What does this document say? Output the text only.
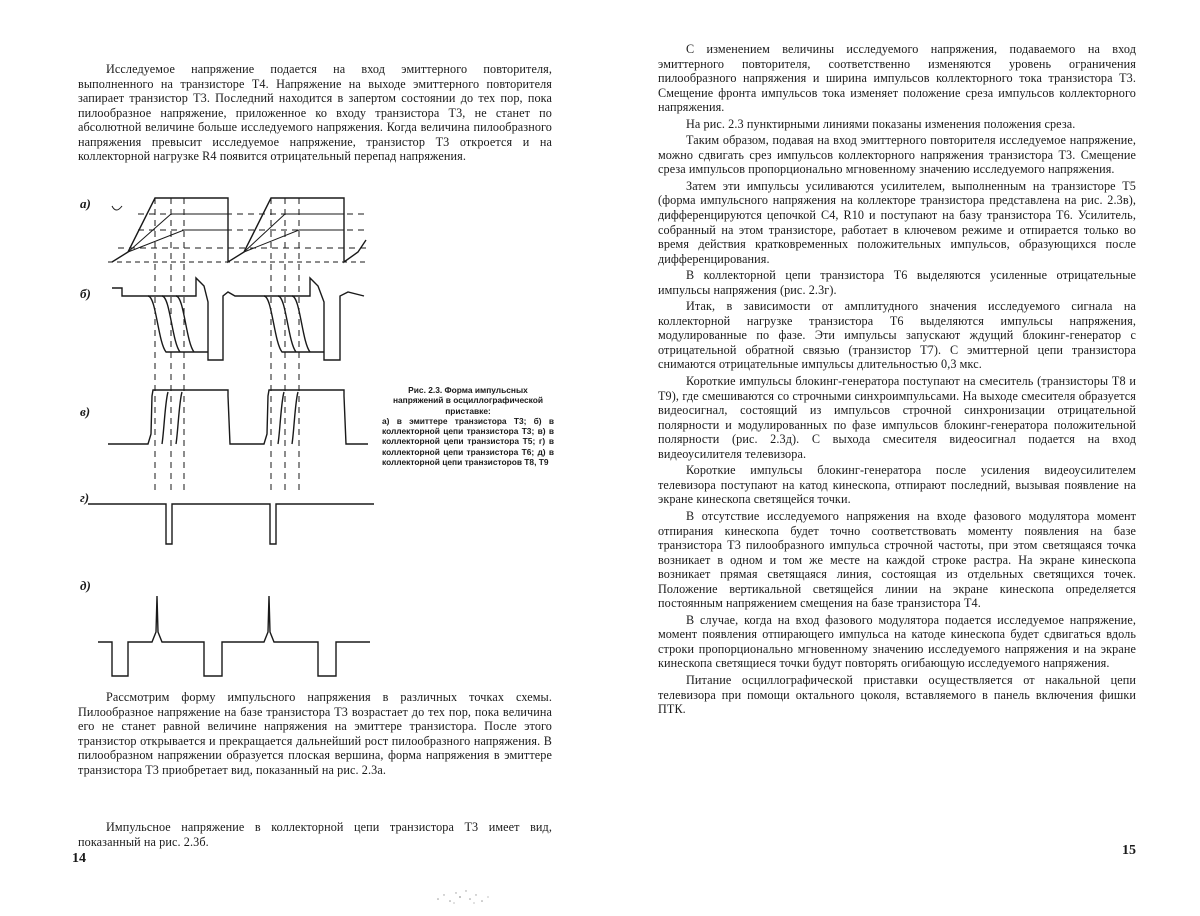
Исследуемое напряжение подается на вход эмиттерного повторителя, выполненного на транзисторе T4. Напряжение на выходе эмиттерного повторителя запирает транзистор T3. Последний находится в запертом состоянии до тех пор, пока пилообразное напряжение, приложенное ко входу транзистора T3, не станет по абсолютной величине больше исследуемого напряжения. Когда величина пилообразного напряжения превысит исследуемое напряжение, транзистор T3 откроется и на коллекторной нагрузке R4 появится отрицательный перепад напряжения.

а)
б)
в)
г)
д)
Рис. 2.3. Форма импульсных напряжений в осциллографической приставке:
а) в эмиттере транзистора T3; б) в коллекторной цепи транзистора T3; в) в коллекторной цепи транзистора T5; г) в коллекторной цепи транзистора T6; д) в коллекторной цепи транзисторов T8, T9

Рассмотрим форму импульсного напряжения в различных точках схемы. Пилообразное напряжение на базе транзистора T3 возрастает до тех пор, пока величина его не станет равной величине напряжения на эмиттере транзистора. После этого транзистор открывается и прекращается дальнейший рост пилообразного напряжения. В пилообразном напряжении образуется плоская вершина, форма напряжения в эмиттере транзистора T3 приобретает вид, показанный на рис. 2.3а.

Импульсное напряжение в коллекторной цепи транзистора T3 имеет вид, показанный на рис. 2.3б.

14

С изменением величины исследуемого напряжения, подаваемого на вход эмиттерного повторителя, соответственно изменяются уровень ограничения пилообразного напряжения и ширина импульсов коллекторного тока транзистора T3. Смещение фронта импульсов тока изменяет положение среза импульсов коллекторного напряжения.

На рис. 2.3 пунктирными линиями показаны изменения положения среза.

Таким образом, подавая на вход эмиттерного повторителя исследуемое напряжение, можно сдвигать срез импульсов коллекторного напряжения транзистора T3. Смещение среза импульсов пропорционально мгновенному значению исследуемого напряжения.

Затем эти импульсы усиливаются усилителем, выполненным на транзисторе T5 (форма импульсного напряжения на коллекторе транзистора представлена на рис. 2.3в), дифференцируются цепочкой C4, R10 и поступают на базу транзистора T6. Усилитель, собранный на этом транзисторе, работает в ключевом режиме и отпирается только во время действия кратковременных положительных импульсов, образующихся после дифференцирования.

В коллекторной цепи транзистора T6 выделяются усиленные отрицательные импульсы напряжения (рис. 2.3г).

Итак, в зависимости от амплитудного значения исследуемого сигнала на коллекторной нагрузке транзистора T6 выделяются импульсы напряжения, модулированные по фазе. Эти импульсы запускают ждущий блокинг-генератор с отрицательной обратной связью (транзистор T7). С эмиттерной цепи транзистора снимаются отрицательные импульсы длительностью 0,3 мкс.

Короткие импульсы блокинг-генератора поступают на смеситель (транзисторы T8 и T9), где смешиваются со строчными синхроимпульсами. На выходе смесителя образуется видеосигнал, состоящий из импульсов строчной синхронизации отрицательной полярности и модулированных по фазе импульсов блокинг-генератора положительной полярности (рис. 2.3д). С выхода смесителя видеосигнал подается на вход видеоусилителя телевизора.

Короткие импульсы блокинг-генератора после усиления видеоусилителем телевизора поступают на катод кинескопа, отпирают последний, вызывая появление на экране кинескопа светящейся точки.

В отсутствие исследуемого напряжения на входе фазового модулятора момент отпирания кинескопа будет точно соответствовать моменту появления на базе транзистора T3 пилообразного импульса строчной частоты, при этом светящаяся точка возникает в одном и том же месте на каждой строке растра. На экране кинескопа возникает прямая светящаяся линия, состоящая из отдельных светящихся точек. Положение вертикальной светящейся линии на экране кинескопа определяется постоянным напряжением смещения на базе транзистора T4.

В случае, когда на вход фазового модулятора подается исследуемое напряжение, момент появления отпирающего импульса на катоде кинескопа будет сдвигаться вдоль строки пропорционально мгновенному значению исследуемого напряжения и на экране кинескопа светящиеся точки будут повторять огибающую исследуемого напряжения.

Питание осциллографической приставки осуществляется от накальной цепи телевизора при помощи октального цоколя, вставляемого в панель включения фишки ПТК.

15
